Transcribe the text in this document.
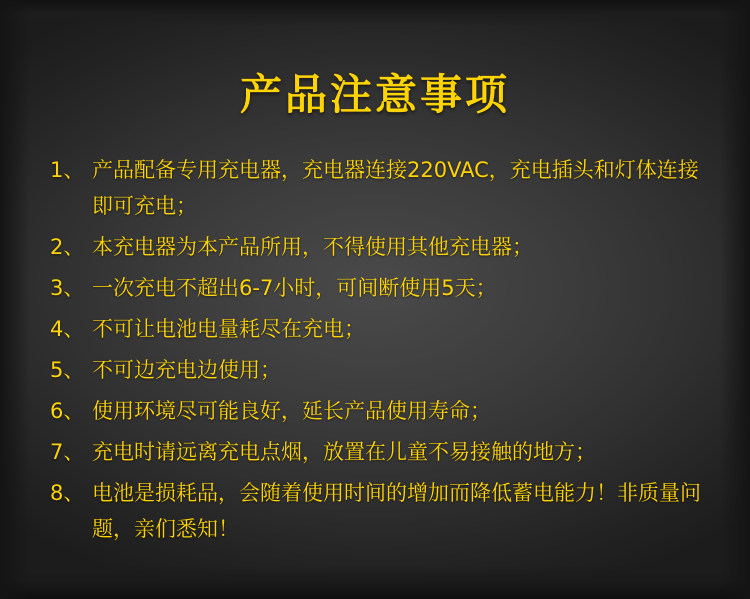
产品注意事项
1、 产品配备专用充电器，充电器连接220VAC，充电插头和灯体连接即可充电；
2、 本充电器为本产品所用，不得使用其他充电器；
3、 一次充电不超出6-7小时，可间断使用5天；
4、 不可让电池电量耗尽在充电；
5、 不可边充电边使用；
6、 使用环境尽可能良好，延长产品使用寿命；
7、 充电时请远离充电点烟，放置在儿童不易接触的地方；
8、 电池是损耗品，会随着使用时间的增加而降低蓄电能力！非质量问题，亲们悉知！
